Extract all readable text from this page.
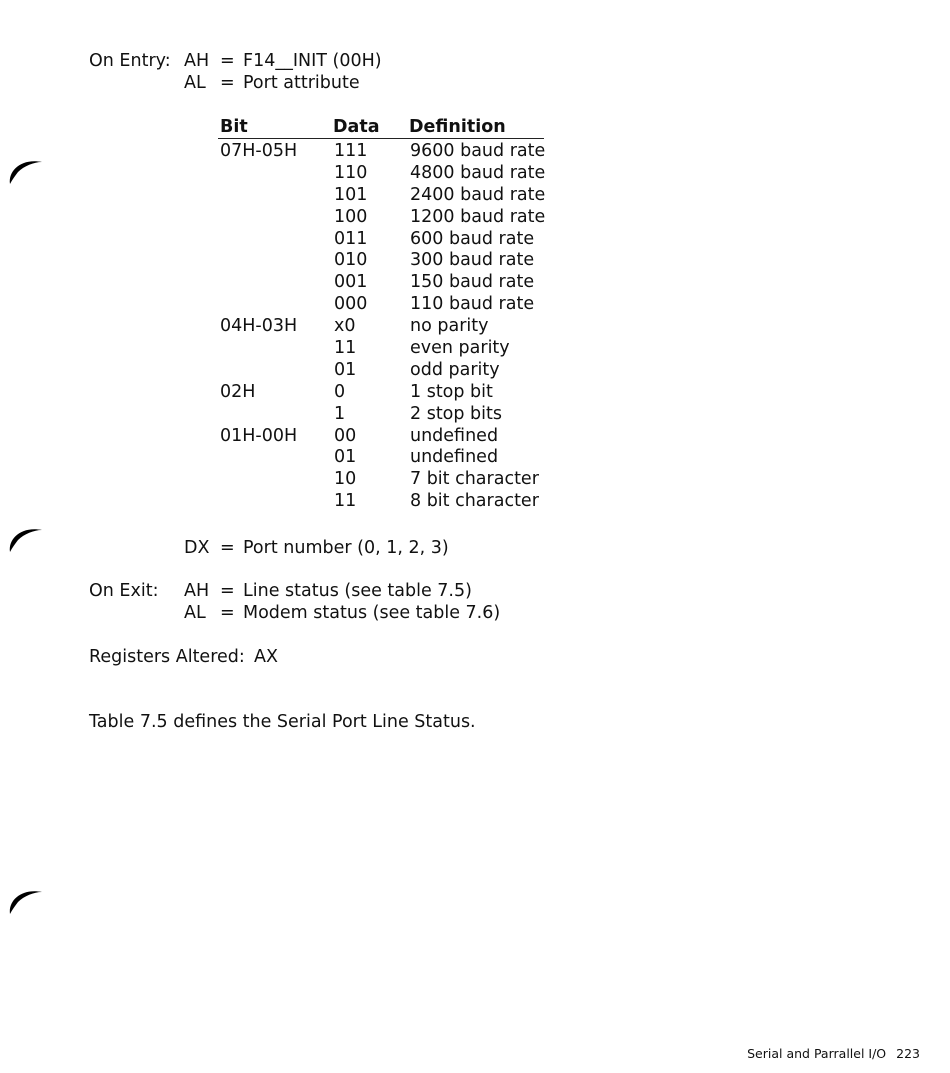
On Entry: AH = F14__INIT (00H)
AL = Port attribute
Bit	Data Definition
07H-05H 111 9600 baud rate
110 4800 baud rate
101 2400 baud rate
100 1200 baud rate
011 600 baud rate
010 300 baud rate
001 150 baud rate
000 110 baud rate
04H-03H x0	no parity
11	even parity
01	odd parity
02H	0	1 stop bit
1	2 stop bits
01H-00H 00	undefined
01	undefined
10	7 bit character
11	8 bit character
DX = Port number (0, 1, 2, 3)
On Exit: AH = Line status (see table 7.5)
AL = Modem status (see table 7.6)
Registers Altered: AX
Table 7.5 defines the Serial Port Line Status.
Serial and Parrallel I/O 223
